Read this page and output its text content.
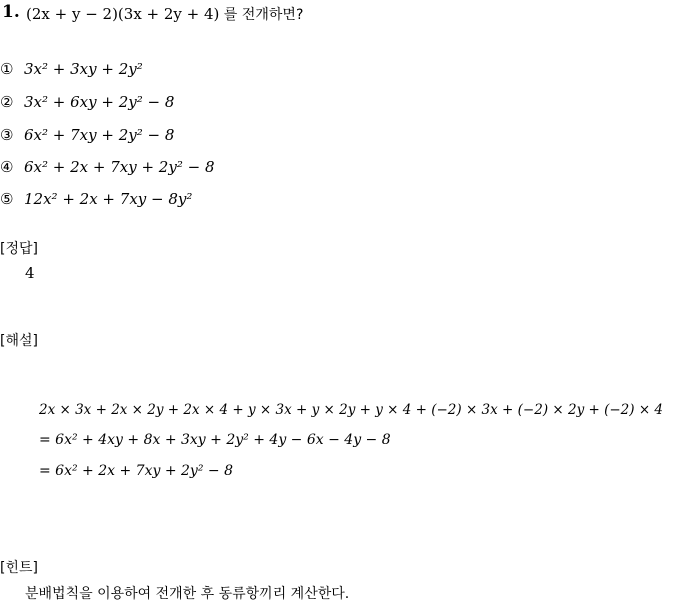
1. (2x + y − 2)(3x + 2y + 4) 를 전개하면?
① 3x² + 3xy + 2y²
② 3x² + 6xy + 2y² − 8
③ 6x² + 7xy + 2y² − 8
④ 6x² + 2x + 7xy + 2y² − 8
⑤ 12x² + 2x + 7xy − 8y²
[정답]
4
[해설]
2x × 3x + 2x × 2y + 2x × 4 + y × 3x + y × 2y + y × 4 + (−2) × 3x + (−2) × 2y + (−2) × 4
= 6x² + 4xy + 8x + 3xy + 2y² + 4y − 6x − 4y − 8
= 6x² + 2x + 7xy + 2y² − 8
[힌트]
분배법칙을 이용하여 전개한 후 동류항끼리 계산한다.
